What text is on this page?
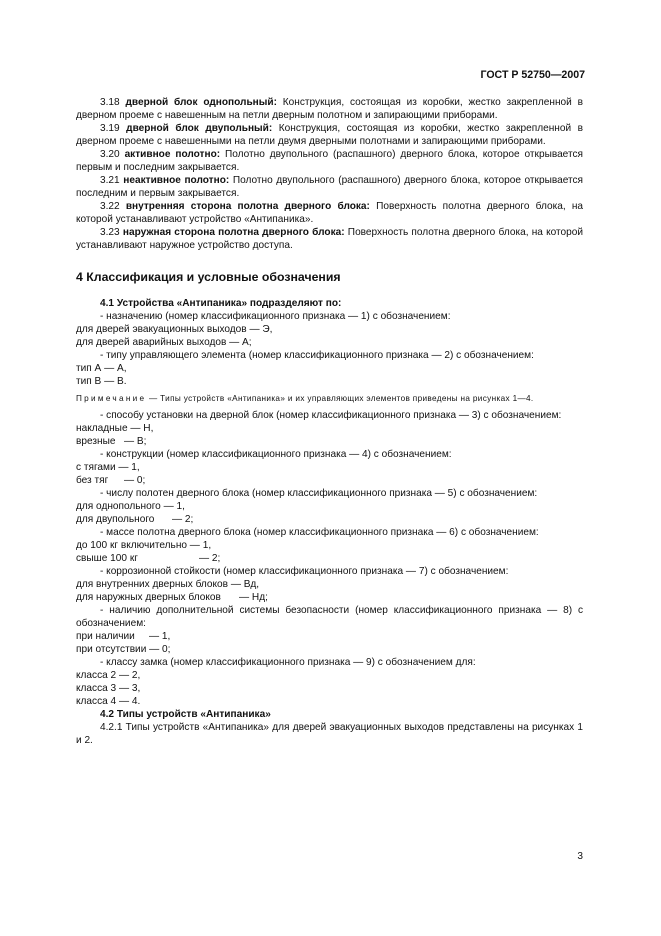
ГОСТ Р 52750—2007
3.18 дверной блок однопольный: Конструкция, состоящая из коробки, жестко закрепленной в дверном проеме с навешенным на петли дверным полотном и запирающими приборами.
3.19 дверной блок двупольный: Конструкция, состоящая из коробки, жестко закрепленной в дверном проеме с навешенными на петли двумя дверными полотнами и запирающими приборами.
3.20 активное полотно: Полотно двупольного (распашного) дверного блока, которое открывается первым и последним закрывается.
3.21 неактивное полотно: Полотно двупольного (распашного) дверного блока, которое открывается последним и первым закрывается.
3.22 внутренняя сторона полотна дверного блока: Поверхность полотна дверного блока, на которой устанавливают устройство «Антипаника».
3.23 наружная сторона полотна дверного блока: Поверхность полотна дверного блока, на которой устанавливают наружное устройство доступа.
4 Классификация и условные обозначения
4.1 Устройства «Антипаника» подразделяют по:
- назначению (номер классификационного признака — 1) с обозначением:
для дверей эвакуационных выходов — Э,
для дверей аварийных выходов — А;
- типу управляющего элемента (номер классификационного признака — 2) с обозначением:
тип А — А,
тип В — В.
Примечание — Типы устройств «Антипаника» и их управляющих элементов приведены на рисунках 1—4.
- способу установки на дверной блок (номер классификационного признака — 3) с обозначением:
накладные — Н,
врезные — В;
- конструкции (номер классификационного признака — 4) с обозначением:
с тягами — 1,
без тяг — 0;
- числу полотен дверного блока (номер классификационного признака — 5) с обозначением:
для однопольного — 1,
для двупольного — 2;
- массе полотна дверного блока (номер классификационного признака — 6) с обозначением:
до 100 кг включительно — 1,
свыше 100 кг	— 2;
- коррозионной стойкости (номер классификационного признака — 7) с обозначением:
для внутренних дверных блоков — Вд,
для наружных дверных блоков — Нд;
- наличию дополнительной системы безопасности (номер классификационного признака — 8) с обозначением:
при наличии — 1,
при отсутствии — 0;
- классу замка (номер классификационного признака — 9) с обозначением для:
класса 2 — 2,
класса 3 — 3,
класса 4 — 4.
4.2 Типы устройств «Антипаника»
4.2.1 Типы устройств «Антипаника» для дверей эвакуационных выходов представлены на рисунках 1 и 2.
3
